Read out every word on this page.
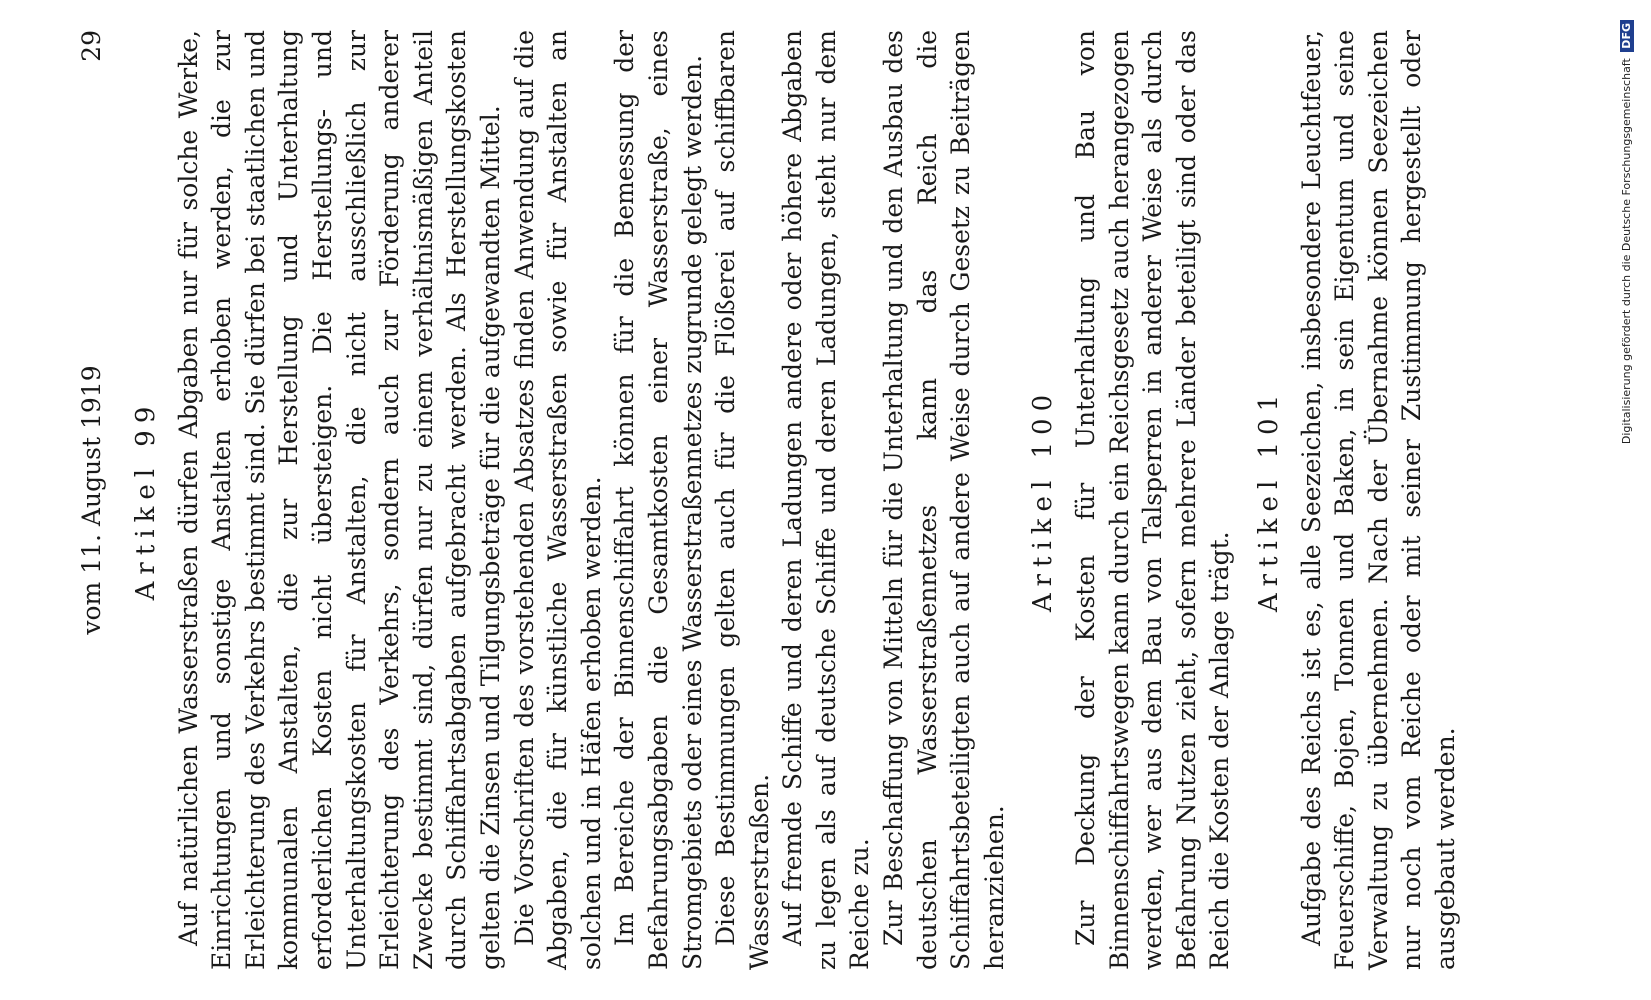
vom 11. August 1919
29
Artikel 99 Auf natürlichen Wasserstraßen dürfen Abgaben nur für solche Werke, Einrichtungen und sonstige Anstalten erhoben werden, die zur Erleichterung des Verkehrs bestimmt sind. Sie dürfen bei staatlichen und kommunalen Anstalten, die zur Herstellung und Unterhaltung erforderlichen Kosten nicht übersteigen. Die Herstellungs- und Unterhaltungskosten für Anstalten, die nicht ausschließlich zur Erleichterung des Verkehrs, sondern auch zur Förderung anderer Zwecke bestimmt sind, dürfen nur zu einem verhältnismäßigen Anteil durch Schiffahrtsabgaben aufgebracht werden. Als Herstellungskosten gelten die Zinsen und Tilgungsbeträge für die aufgewandten Mittel. Die Vorschriften des vorstehenden Absatzes finden Anwendung auf die Abgaben, die für künstliche Wasserstraßen sowie für Anstalten an solchen und in Häfen erhoben werden. Im Bereiche der Binnenschiffahrt können für die Bemessung der Befahrungsabgaben die Gesamtkosten einer Wasserstraße, eines Stromgebiets oder eines Wasserstraßennetzes zugrunde gelegt werden. Diese Bestimmungen gelten auch für die Flößerei auf schiffbaren Wasserstraßen. Auf fremde Schiffe und deren Ladungen andere oder höhere Abgaben zu legen als auf deutsche Schiffe und deren Ladungen, steht nur dem Reiche zu. Zur Beschaffung von Mitteln für die Unterhaltung und den Ausbau des deutschen Wasserstraßennetzes kann das Reich die Schiffahrtsbeteiligten auch auf andere Weise durch Gesetz zu Beiträgen heranziehen.

Artikel 100 Zur Deckung der Kosten für Unterhaltung und Bau von Binnenschiffahrtswegen kann durch ein Reichsgesetz auch herangezogen werden, wer aus dem Bau von Talsperren in anderer Weise als durch Befahrung Nutzen zieht, sofern mehrere Länder beteiligt sind oder das Reich die Kosten der Anlage trägt.

Artikel 101 Aufgabe des Reichs ist es, alle Seezeichen, insbesondere Leuchtfeuer, Feuerschiffe, Bojen, Tonnen und Baken, in sein Eigentum und seine Verwaltung zu übernehmen. Nach der Übernahme können Seezeichen nur noch vom Reiche oder mit seiner Zustimmung hergestellt oder ausgebaut werden.

Digitalisierung gefördert durch die Deutsche Forschungsgemeinschaft DFG
